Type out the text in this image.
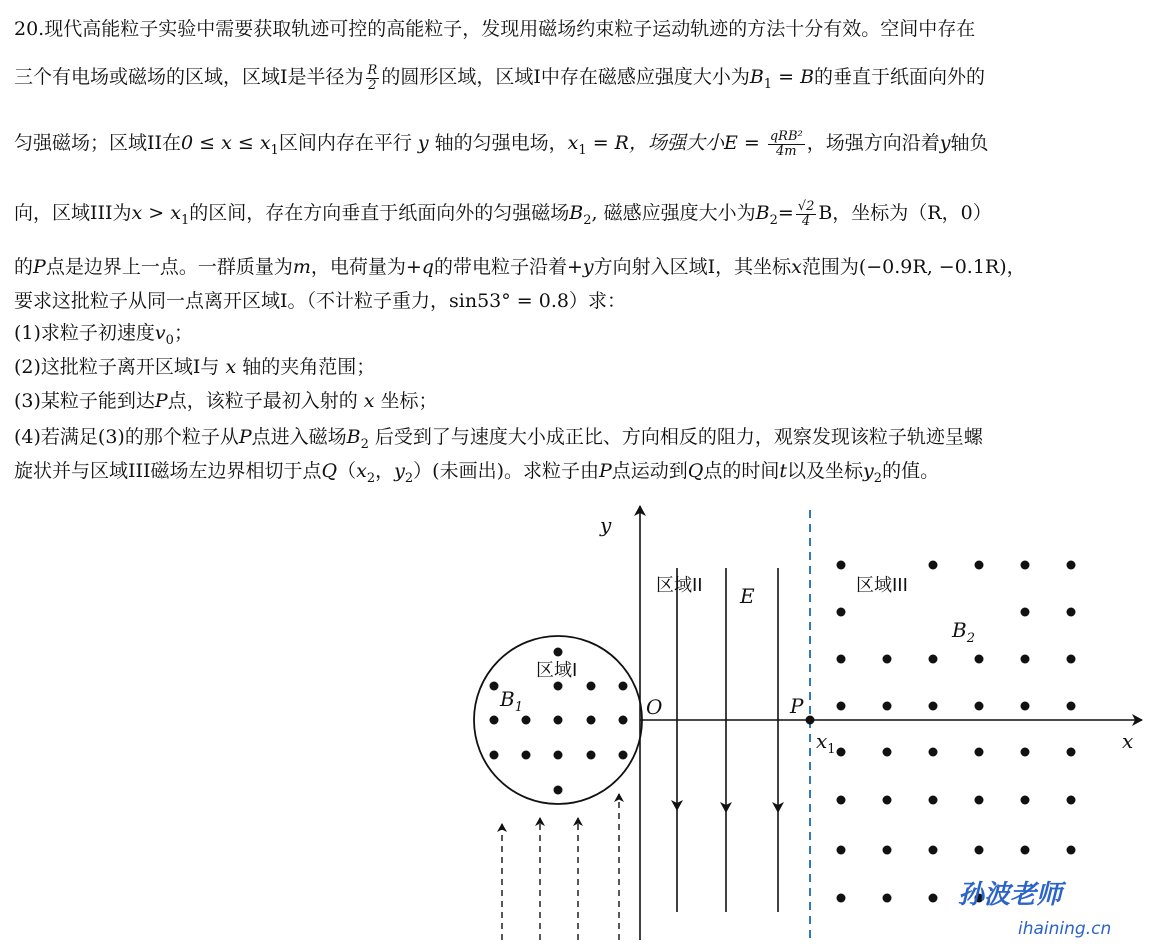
20.现代高能粒子实验中需要获取轨迹可控的高能粒子，发现用磁场约束粒子运动轨迹的方法十分有效。空间中存在
三个有电场或磁场的区域，区域I是半径为 $\frac{R}{2}$ 的圆形区域，区域I中存在磁感应强度大小为$B_1 = B$的垂直于纸面向外的
匀强磁场；区域II在$0 \le x \le x_1$区间内存在平行 y 轴的匀强电场，$x_1 = R$，场强大小$E = \frac{\text{qRB²}}{4m}$ ，场强方向沿着y轴负
向，区域III为$x > x_1$的区间，存在方向垂直于纸面向外的匀强磁场$B_2$, 磁感应强度大小为$B_2= \frac{√2}{4}$ B，坐标为（R，0）
的P点是边界上一点。一群质量为m，电荷量为+q的带电粒子沿着+y方向射入区域I，其坐标x范围为(−0.9R, −0.1R)，
要求这批粒子从同一点离开区域I。（不计粒子重力，sin53° = 0.8）求：
(1)求粒子初速度$v_0$；
(2)这批粒子离开区域I与 x 轴的夹角范围；
(3)某粒子能到达P点，该粒子最初入射的 x 坐标；
(4)若满足(3)的那个粒子从P点进入磁场$B_2$ 后受到了与速度大小成正比、方向相反的阻力，观察发现该粒子轨迹呈螺
旋状并与区域III磁场左边界相切于点$Q(x_2$，$y_2$）(未画出)。求粒子由P点运动到Q点的时间t以及坐标$y_2$的值。
y
x
O
区域I
$B_1$
区域II E
P
$x_1$
区域III
$B_2$
孙波老师
ihaining.cn
